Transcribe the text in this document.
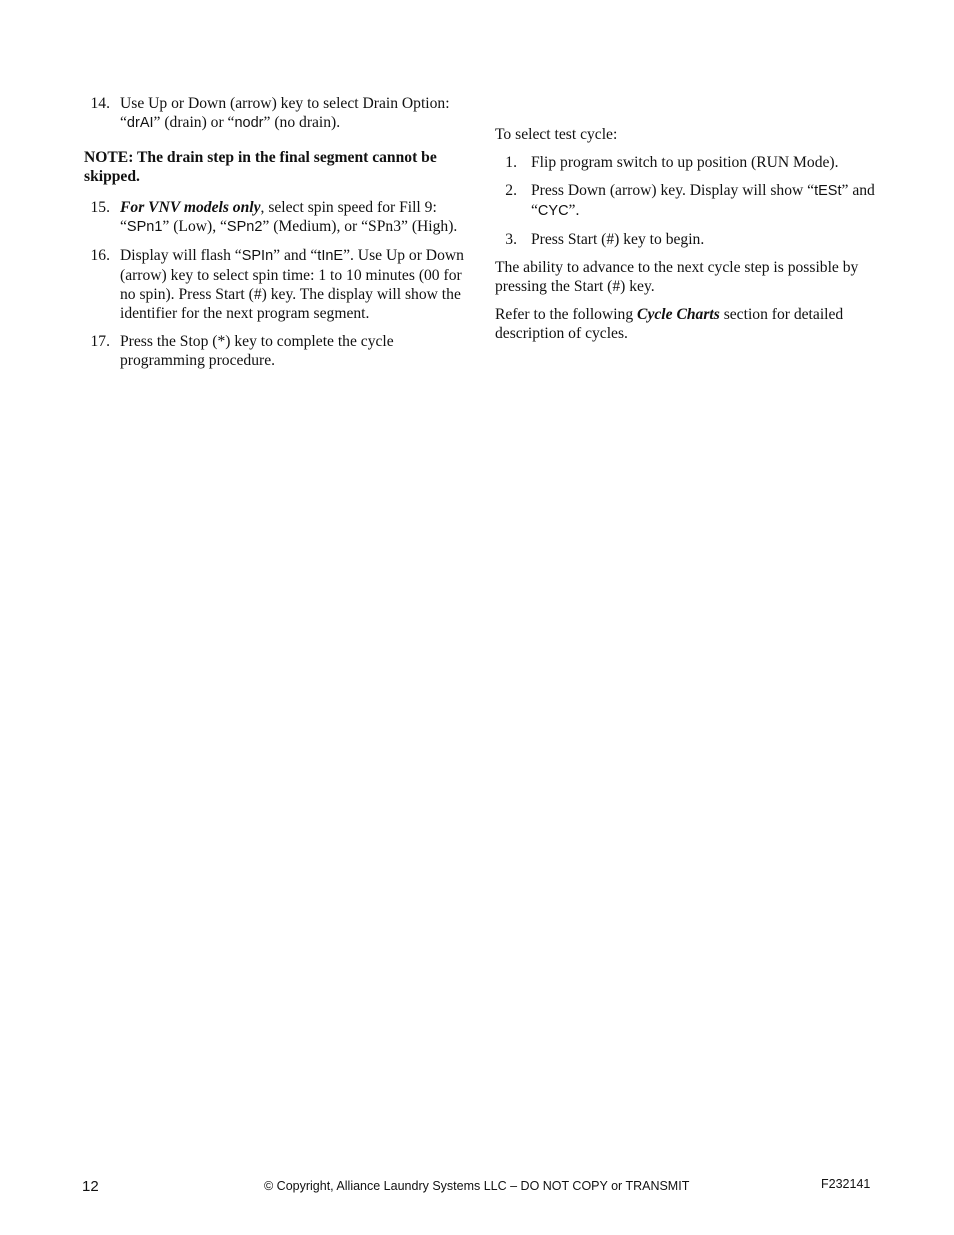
14. Use Up or Down (arrow) key to select Drain Option: “drAI” (drain) or “nodr” (no drain).
NOTE: The drain step in the final segment cannot be skipped.
15. For VNV models only, select spin speed for Fill 9: “SPn1” (Low), “SPn2” (Medium), or “SPn3” (High).
16. Display will flash “SPIn” and “tInE”. Use Up or Down (arrow) key to select spin time: 1 to 10 minutes (00 for no spin). Press Start (#) key. The display will show the identifier for the next program segment.
17. Press the Stop (*) key to complete the cycle programming procedure.

To select test cycle:

1. Flip program switch to up position (RUN Mode).
2. Press Down (arrow) key. Display will show “tESt” and “CYC”.
3. Press Start (#) key to begin.

The ability to advance to the next cycle step is possible by pressing the Start (#) key.

Refer to the following Cycle Charts section for detailed description of cycles.

12	© Copyright, Alliance Laundry Systems LLC – DO NOT COPY or TRANSMIT	F232141
